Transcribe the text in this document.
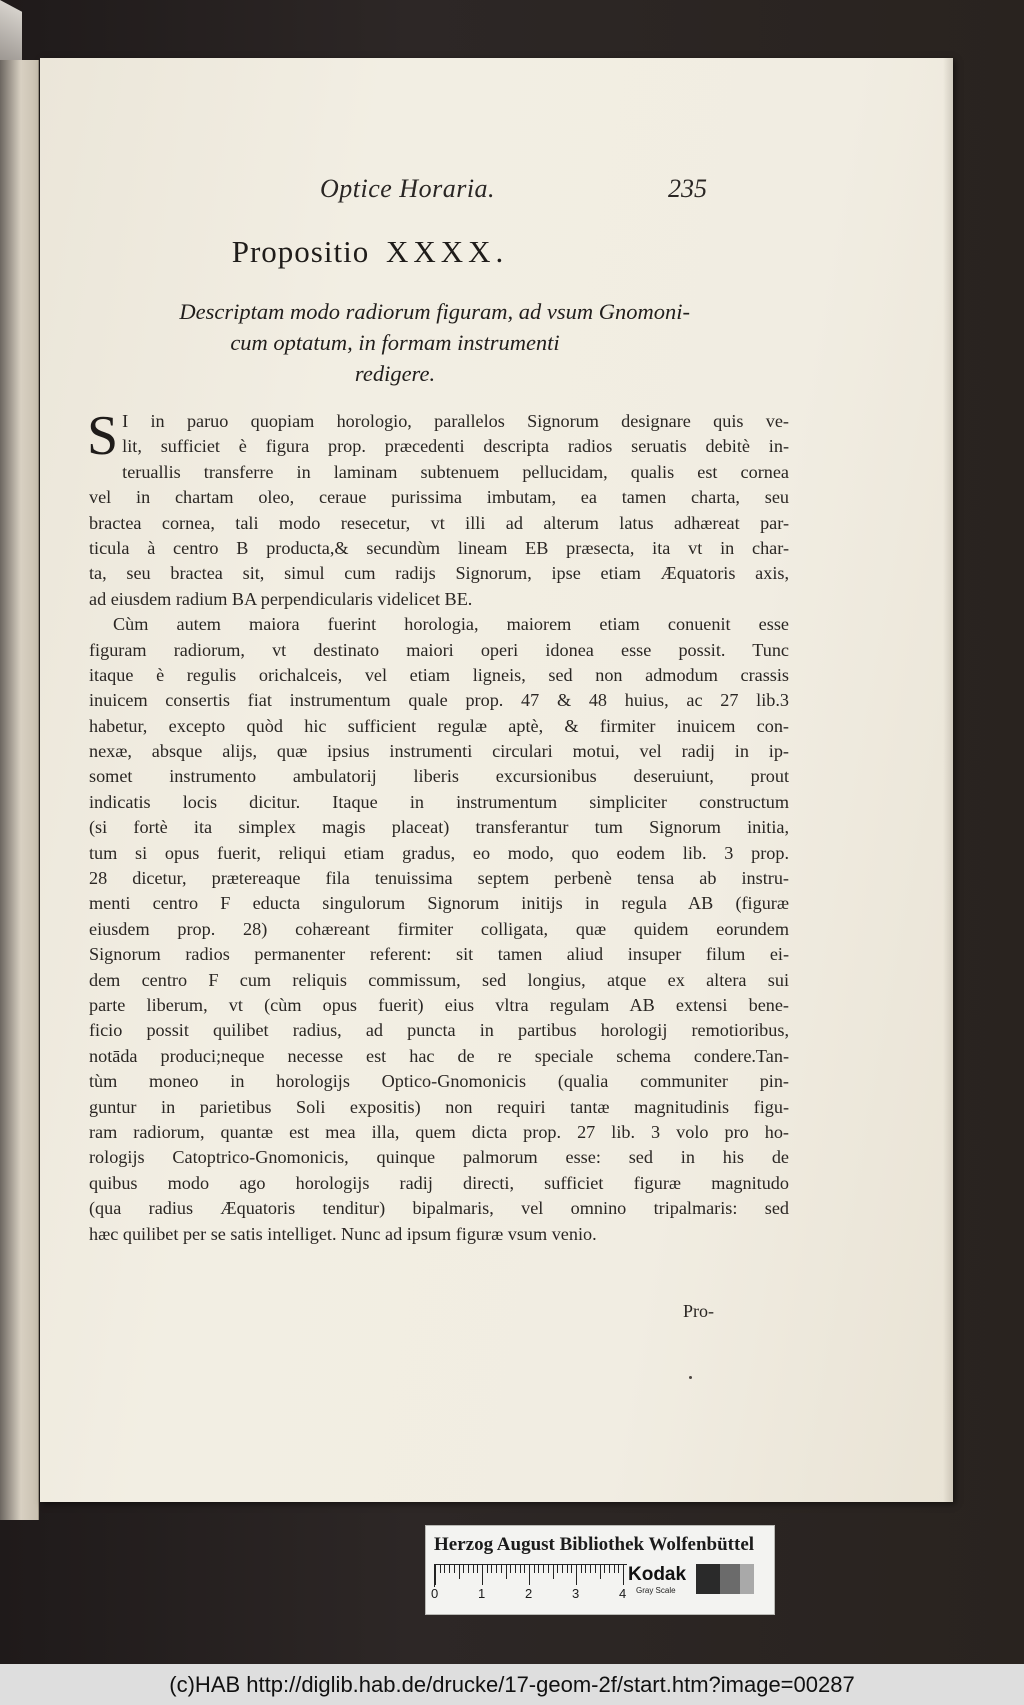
Optice Horaria.	235
Propositio XXXX.
Descriptam modo radiorum figuram, ad vsum Gnomoni-
cum optatum, in formam instrumenti
redigere.
S I in paruo quopiam horologio, parallelos Signorum designare quis ve-
lit, sufficiet è figura prop. præcedenti descripta radios seruatis debitè in-
teruallis transferre in laminam subtenuem pellucidam, qualis est cornea
vel in chartam oleo, ceraue purissima imbutam, ea tamen charta, seu
bractea cornea, tali modo resecetur, vt illi ad alterum latus adhæreat par-
ticula à centro B producta,& secundùm lineam EB præsecta, ita vt in char-
ta, seu bractea sit, simul cum radijs Signorum, ipse etiam Æquatoris axis,
ad eiusdem radium BA perpendicularis videlicet BE.
Cùm autem maiora fuerint horologia, maiorem etiam conuenit esse
figuram radiorum, vt destinato maiori operi idonea esse possit. Tunc
itaque è regulis orichalceis, vel etiam ligneis, sed non admodum crassis
inuicem consertis fiat instrumentum quale prop. 47 & 48 huius, ac 27 lib.3
habetur, excepto quòd hic sufficient regulæ aptè, & firmiter inuicem con-
nexæ, absque alijs, quæ ipsius instrumenti circulari motui, vel radij in ip-
somet instrumento ambulatorij liberis excursionibus deseruiunt, prout
indicatis locis dicitur. Itaque in instrumentum simpliciter constructum
(si fortè ita simplex magis placeat) transferantur tum Signorum initia,
tum si opus fuerit, reliqui etiam gradus, eo modo, quo eodem lib. 3 prop.
28 dicetur, prætereaque fila tenuissima septem perbenè tensa ab instru-
menti centro F educta singulorum Signorum initijs in regula AB (figuræ
eiusdem prop. 28) cohæreant firmiter colligata, quæ quidem eorundem
Signorum radios permanenter referent: sit tamen aliud insuper filum ei-
dem centro F cum reliquis commissum, sed longius, atque ex altera sui
parte liberum, vt (cùm opus fuerit) eius vltra regulam AB extensi bene-
ficio possit quilibet radius, ad puncta in partibus horologij remotioribus,
notāda produci;neque necesse est hac de re speciale schema condere.Tan-
tùm moneo in horologijs Optico-Gnomonicis (qualia communiter pin-
guntur in parietibus Soli expositis) non requiri tantæ magnitudinis figu-
ram radiorum, quantæ est mea illa, quem dicta prop. 27 lib. 3 volo pro ho-
rologijs Catoptrico-Gnomonicis, quinque palmorum esse: sed in his de
quibus modo ago horologijs radij directi, sufficiet figuræ magnitudo
(qua radius Æquatoris tenditur) bipalmaris, vel omnino tripalmaris: sed
hæc quilibet per se satis intelliget. Nunc ad ipsum figuræ vsum venio.
Pro-
Herzog August Bibliothek Wolfenbüttel
0	1	2	3	4
Kodak
Gray Scale
(c)HAB http://diglib.hab.de/drucke/17-geom-2f/start.htm?image=00287
